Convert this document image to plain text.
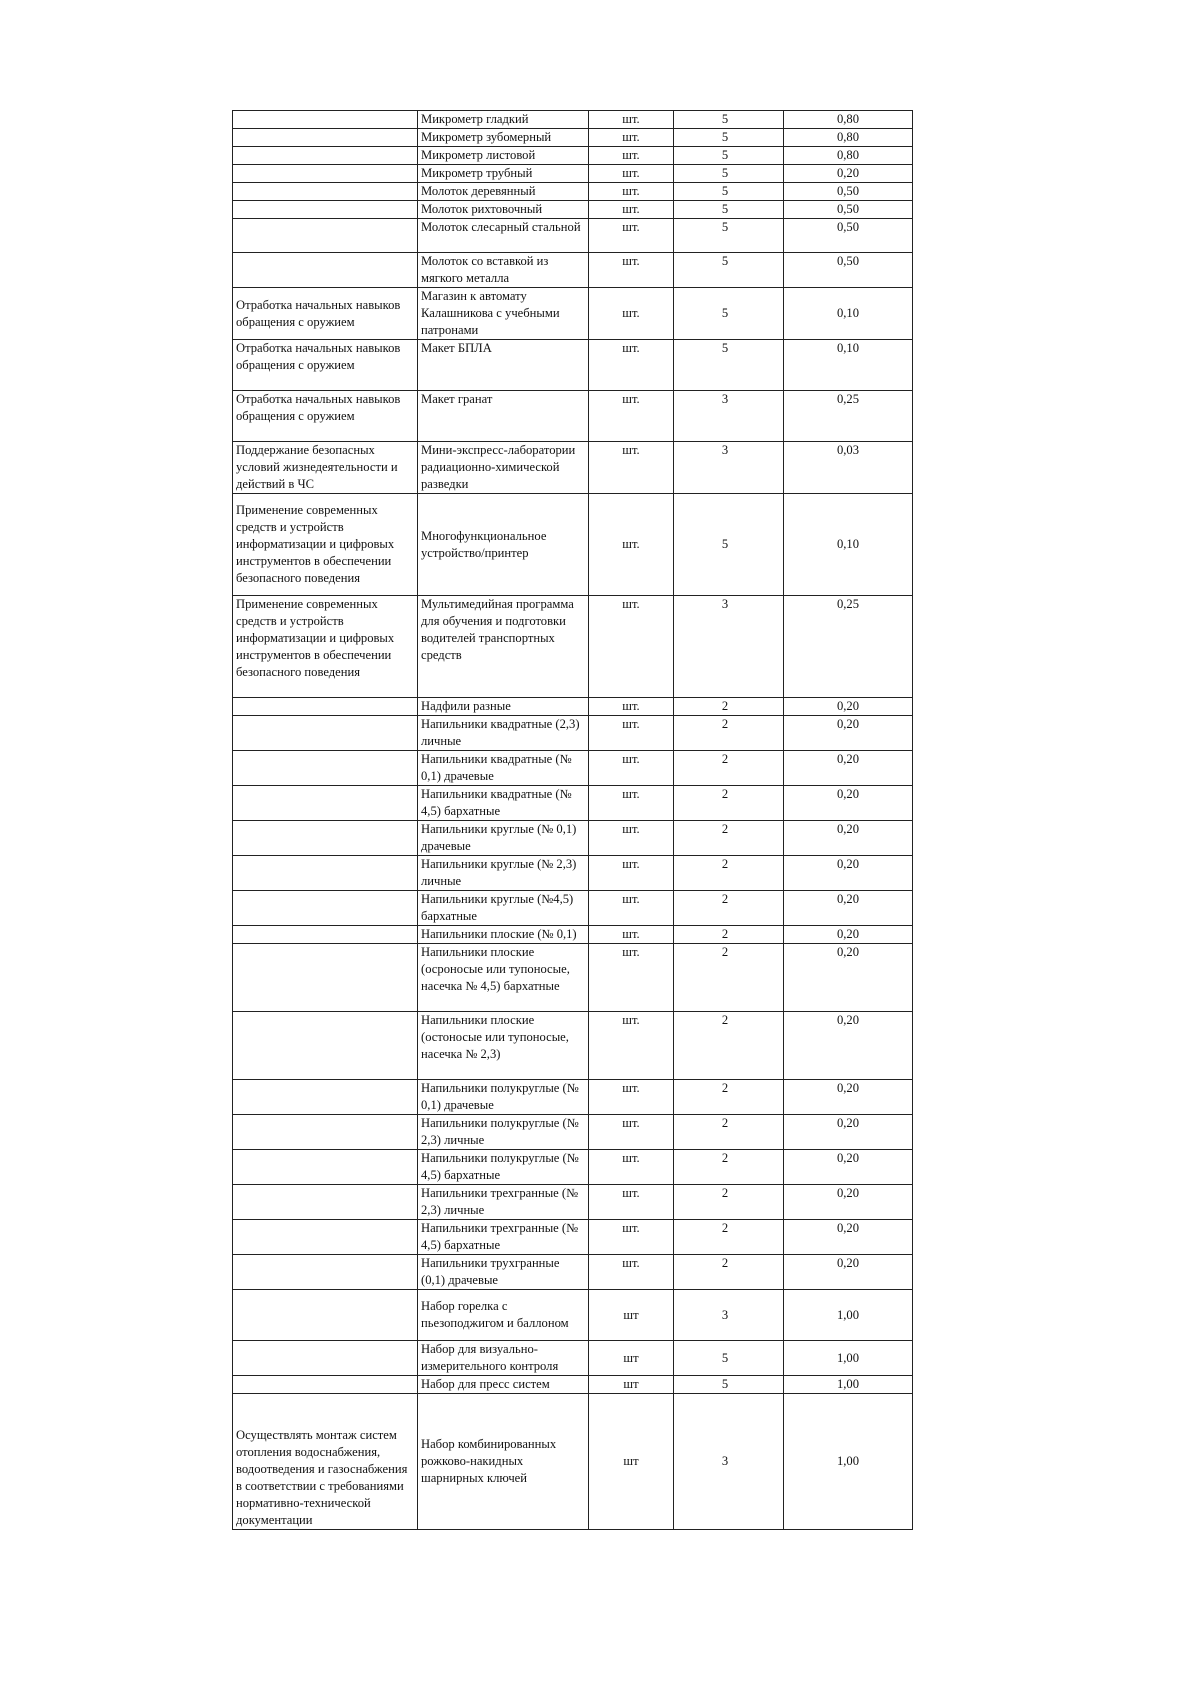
	Микрометр гладкий	шт.	5	0,80
	Микрометр зубомерный	шт.	5	0,80
	Микрометр листовой	шт.	5	0,80
	Микрометр трубный	шт.	5	0,20
	Молоток деревянный	шт.	5	0,50
	Молоток рихтовочный	шт.	5	0,50
	Молоток слесарный стальной	шт.	5	0,50
	Молоток со вставкой из мягкого металла	шт.	5	0,50
Отработка начальных навыков обращения с оружием	Магазин к автомату Калашникова с учебными патронами	шт.	5	0,10
Отработка начальных навыков обращения с оружием	Макет БПЛА	шт.	5	0,10
Отработка начальных навыков обращения с оружием	Макет гранат	шт.	3	0,25
Поддержание безопасных условий жизнедеятельности и действий в ЧС	Мини-экспресс-лаборатории радиационно-химической разведки	шт.	3	0,03
Применение современных средств и устройств информатизации и цифровых инструментов в обеспечении безопасного поведения	Многофункциональное устройство/принтер	шт.	5	0,10
Применение современных средств и устройств информатизации и цифровых инструментов в обеспечении безопасного поведения	Мультимедийная программа для обучения и подготовки водителей транспортных средств	шт.	3	0,25
	Надфили разные	шт.	2	0,20
	Напильники квадратные (2,3) личные	шт.	2	0,20
	Напильники квадратные (№ 0,1) драчевые	шт.	2	0,20
	Напильники квадратные (№ 4,5) бархатные	шт.	2	0,20
	Напильники круглые (№ 0,1) драчевые	шт.	2	0,20
	Напильники круглые (№ 2,3) личные	шт.	2	0,20
	Напильники круглые (№4,5) бархатные	шт.	2	0,20
	Напильники плоские (№ 0,1)	шт.	2	0,20
	Напильники плоские (осроносые или тупоносые, насечка № 4,5) бархатные	шт.	2	0,20
	Напильники плоские (остоносые или тупоносые, насечка № 2,3)	шт.	2	0,20
	Напильники полукруглые (№ 0,1) драчевые	шт.	2	0,20
	Напильники полукруглые (№ 2,3) личные	шт.	2	0,20
	Напильники полукруглые (№ 4,5) бархатные	шт.	2	0,20
	Напильники трехгранные (№ 2,3) личные	шт.	2	0,20
	Напильники трехгранные (№ 4,5) бархатные	шт.	2	0,20
	Напильники трухгранные (0,1) драчевые	шт.	2	0,20
	Набор горелка с пьезоподжигом и баллоном	шт	3	1,00
	Набор для визуально-измерительного контроля	шт	5	1,00
	Набор для пресс систем	шт	5	1,00
Осуществлять монтаж систем отопления водоснабжения, водоотведения и газоснабжения в соответствии с требованиями нормативно-технической документации	Набор комбинированных рожково-накидных шарнирных ключей	шт	3	1,00
